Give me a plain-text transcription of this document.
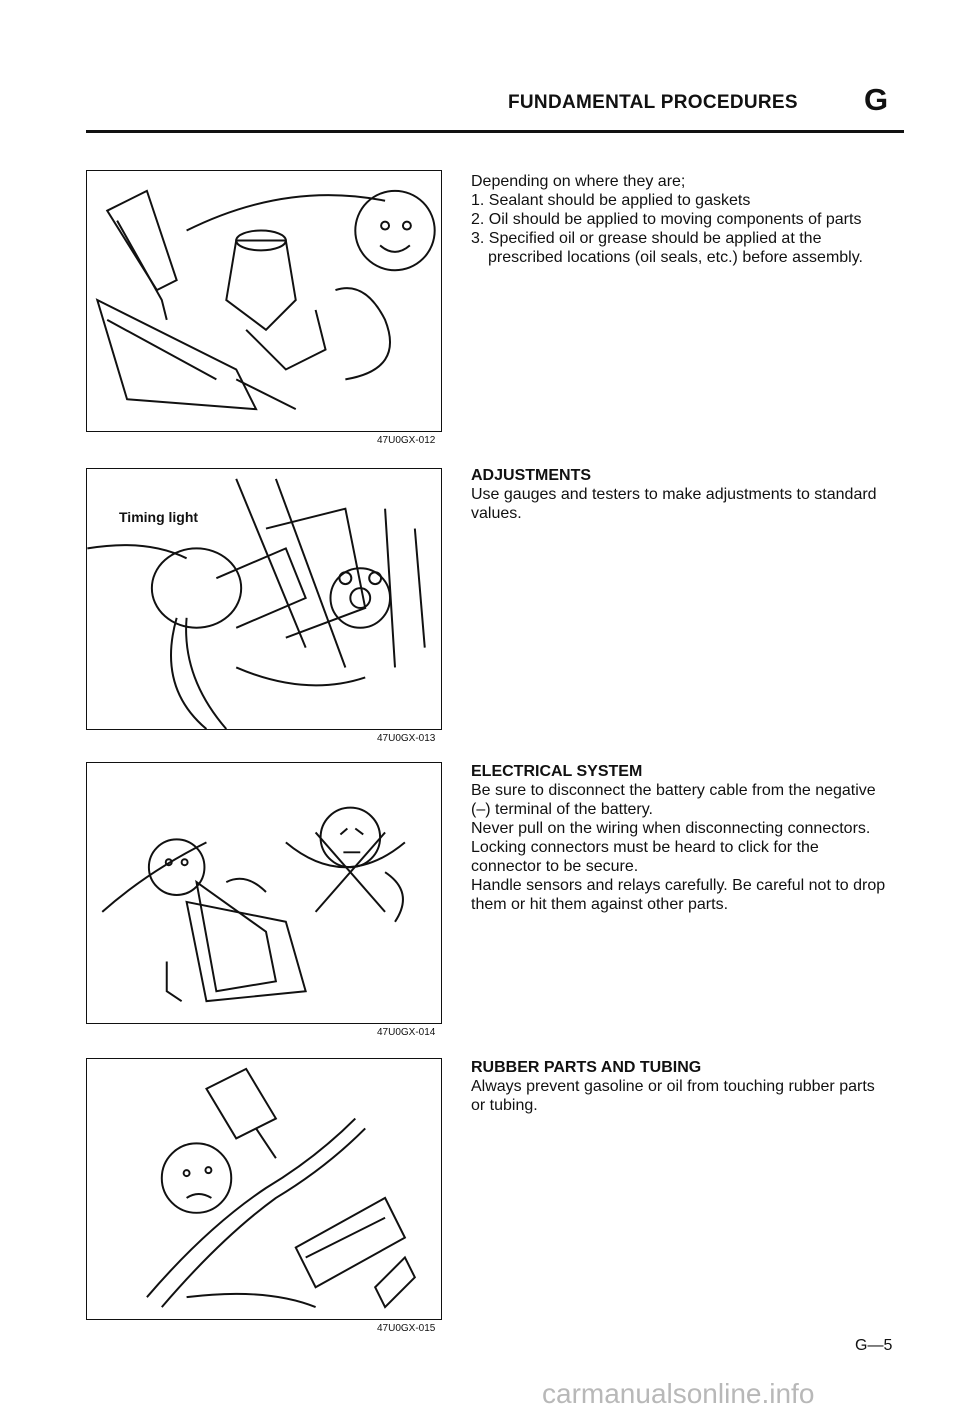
FUNDAMENTAL PROCEDURES G
47U0GX-012
Timing light
47U0GX-013
47U0GX-014
47U0GX-015

Depending on where they are;

1. Sealant should be applied to gaskets
2. Oil should be applied to moving components of parts
3. Specified oil or grease should be applied at the prescribed locations (oil seals, etc.) before assembly.
ADJUSTMENTS

Use gauges and testers to make adjustments to standard values.

ELECTRICAL SYSTEM

Be sure to disconnect the battery cable from the negative (–) terminal of the battery.

Never pull on the wiring when disconnecting connectors.

Locking connectors must be heard to click for the connector to be secure.

Handle sensors and relays carefully. Be careful not to drop them or hit them against other parts.

RUBBER PARTS AND TUBING

Always prevent gasoline or oil from touching rubber parts or tubing.

G—5
carmanualsonline.info
